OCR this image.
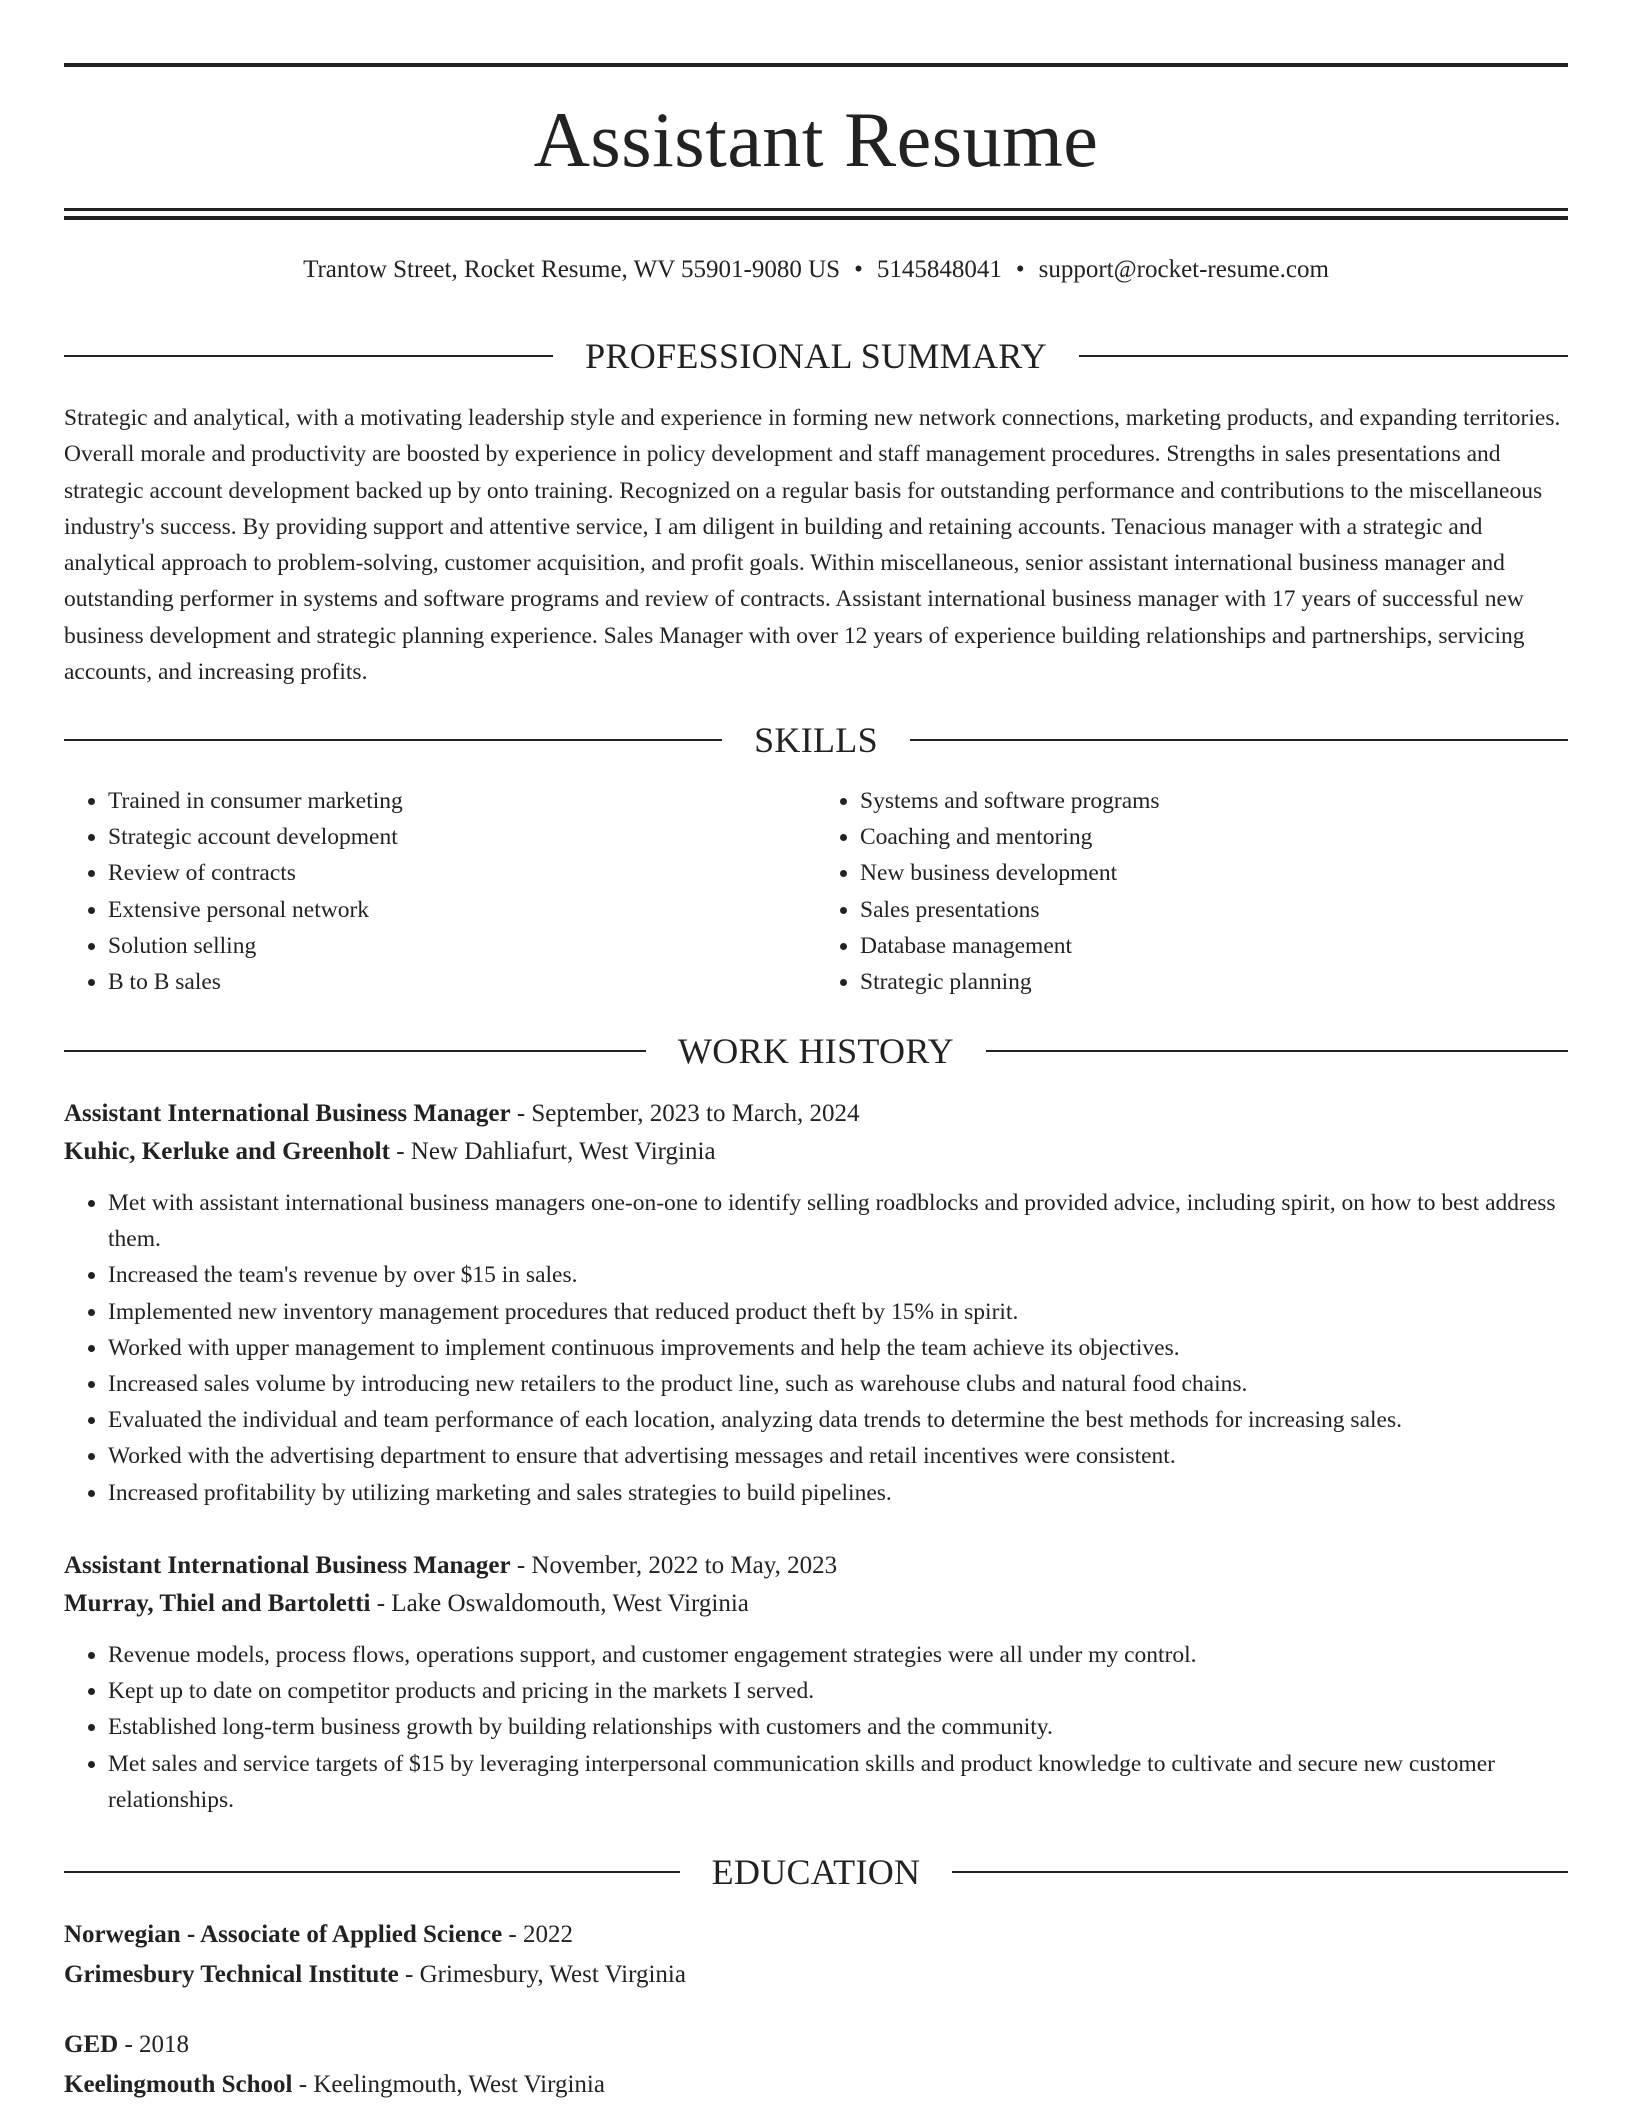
Assistant Resume
Trantow Street, Rocket Resume, WV 55901-9080 US • 5145848041 • support@rocket-resume.com
PROFESSIONAL SUMMARY

Strategic and analytical, with a motivating leadership style and experience in forming new network connections, marketing products, and expanding territories. Overall morale and productivity are boosted by experience in policy development and staff management procedures. Strengths in sales presentations and strategic account development backed up by onto training. Recognized on a regular basis for outstanding performance and contributions to the miscellaneous industry's success. By providing support and attentive service, I am diligent in building and retaining accounts. Tenacious manager with a strategic and analytical approach to problem-solving, customer acquisition, and profit goals. Within miscellaneous, senior assistant international business manager and outstanding performer in systems and software programs and review of contracts. Assistant international business manager with 17 years of successful new business development and strategic planning experience. Sales Manager with over 12 years of experience building relationships and partnerships, servicing accounts, and increasing profits.

SKILLS
• Trained in consumer marketing
• Strategic account development
• Review of contracts
• Extensive personal network
• Solution selling
• B to B sales
• Systems and software programs
• Coaching and mentoring
• New business development
• Sales presentations
• Database management
• Strategic planning
WORK HISTORY
Assistant International Business Manager - September, 2023 to March, 2024
Kuhic, Kerluke and Greenholt - New Dahliafurt, West Virginia
• Met with assistant international business managers one-on-one to identify selling roadblocks and provided advice, including spirit, on how to best address them.
• Increased the team's revenue by over $15 in sales.
• Implemented new inventory management procedures that reduced product theft by 15% in spirit.
• Worked with upper management to implement continuous improvements and help the team achieve its objectives.
• Increased sales volume by introducing new retailers to the product line, such as warehouse clubs and natural food chains.
• Evaluated the individual and team performance of each location, analyzing data trends to determine the best methods for increasing sales.
• Worked with the advertising department to ensure that advertising messages and retail incentives were consistent.
• Increased profitability by utilizing marketing and sales strategies to build pipelines.
Assistant International Business Manager - November, 2022 to May, 2023
Murray, Thiel and Bartoletti - Lake Oswaldomouth, West Virginia
• Revenue models, process flows, operations support, and customer engagement strategies were all under my control.
• Kept up to date on competitor products and pricing in the markets I served.
• Established long-term business growth by building relationships with customers and the community.
• Met sales and service targets of $15 by leveraging interpersonal communication skills and product knowledge to cultivate and secure new customer relationships.
EDUCATION
Norwegian - Associate of Applied Science - 2022
Grimesbury Technical Institute - Grimesbury, West Virginia
GED - 2018
Keelingmouth School - Keelingmouth, West Virginia
